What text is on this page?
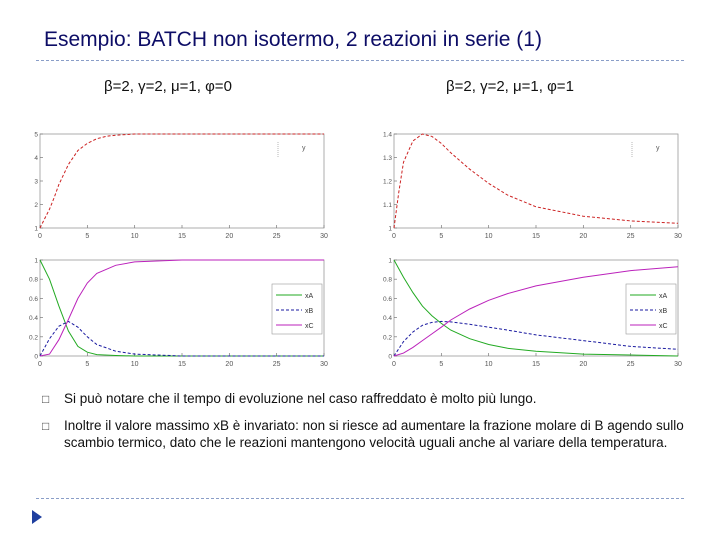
Esempio: BATCH non isotermo, 2 reazioni in serie (1)
β=2, γ=2, μ=1, φ=0	β=2, γ=2, μ=1, φ=1
0	5	10	15	20	25	30
1
2
3
4
5
y
0	5	10	15	20	25	30
1
1.1
1.2
1.3
1.4
y
0	5	10	15	20	25	30
0
0.2
0.4
0.6
0.8
1
xA
xB
xC
0	5	10	15	20	25	30
0
0.2
0.4
0.6
0.8
1
xA
xB
xC
□ Si può notare che il tempo di evoluzione nel caso raffreddato è molto più lungo.
□ Inoltre il valore massimo xB è invariato: non si riesce ad aumentare la frazione molare di B agendo sullo scambio termico, dato che le reazioni mantengono velocità uguali anche al variare della temperatura.
